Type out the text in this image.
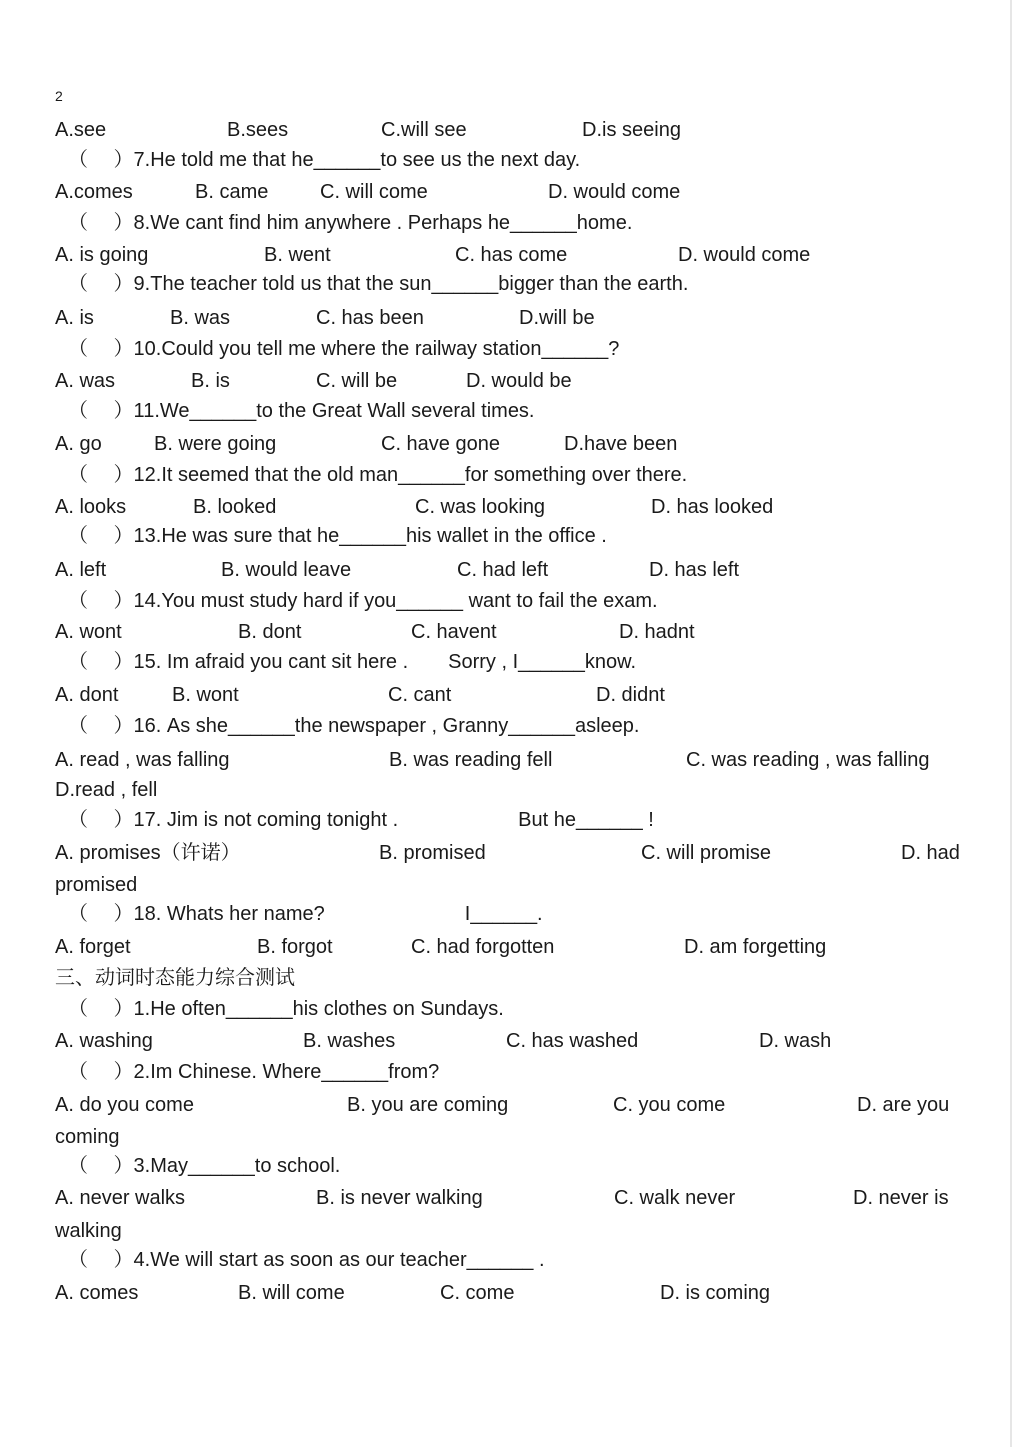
2
A.see	B.sees	C.will see	D.is seeing
（　 ）7.He told me that he______to see us the next day.
A.comes	B. came	C. will come	D. would come
（　 ）8.We cant find him anywhere . Perhaps he______home.
A. is going	B. went	C. has come	D. would come
（　 ）9.The teacher told us that the sun______bigger than the earth.
A. is	B. was	C. has been	D.will be
（　 ）10.Could you tell me where the railway station______?
A. was	B. is	C. will be	D. would be
（　 ）11.We______to the Great Wall several times.
A. go	B. were going	C. have gone	D.have been
（　 ）12.It seemed that the old man______for something over there.
A. looks	B. looked	C. was looking	D. has looked
（　 ）13.He was sure that he______his wallet in the office .
A. left	B. would leave	C. had left	D. has left
（　 ）14.You must study hard if you______ want to fail the exam.
A. wont	B. dont	C. havent	D. hadnt
（　 ）15. Im afraid you cant sit here .　　Sorry , I______know.
A. dont	B. wont	C. cant	D. didnt
（　 ）16. As she______the newspaper , Granny______asleep.
A. read , was falling	B. was reading fell	C. was reading , was falling
D.read , fell
（　 ）17. Jim is not coming tonight .　　　　　　But he______ !
A. promises（许诺）	B. promised	C. will promise	D. had
promised
（　 ）18. Whats her name?　　　　　　　I______.
A. forget	B. forgot	C. had forgotten	D. am forgetting
三、动词时态能力综合测试
（　 ）1.He often______his clothes on Sundays.
A. washing	B. washes	C. has washed	D. wash
（　 ）2.Im Chinese. Where______from?
A. do you come	B. you are coming	C. you come	D. are you
coming
（　 ）3.May______to school.
A. never walks	B. is never walking	C. walk never	D. never is
walking
（　 ）4.We will start as soon as our teacher______ .
A. comes	B. will come	C. come	D. is coming
